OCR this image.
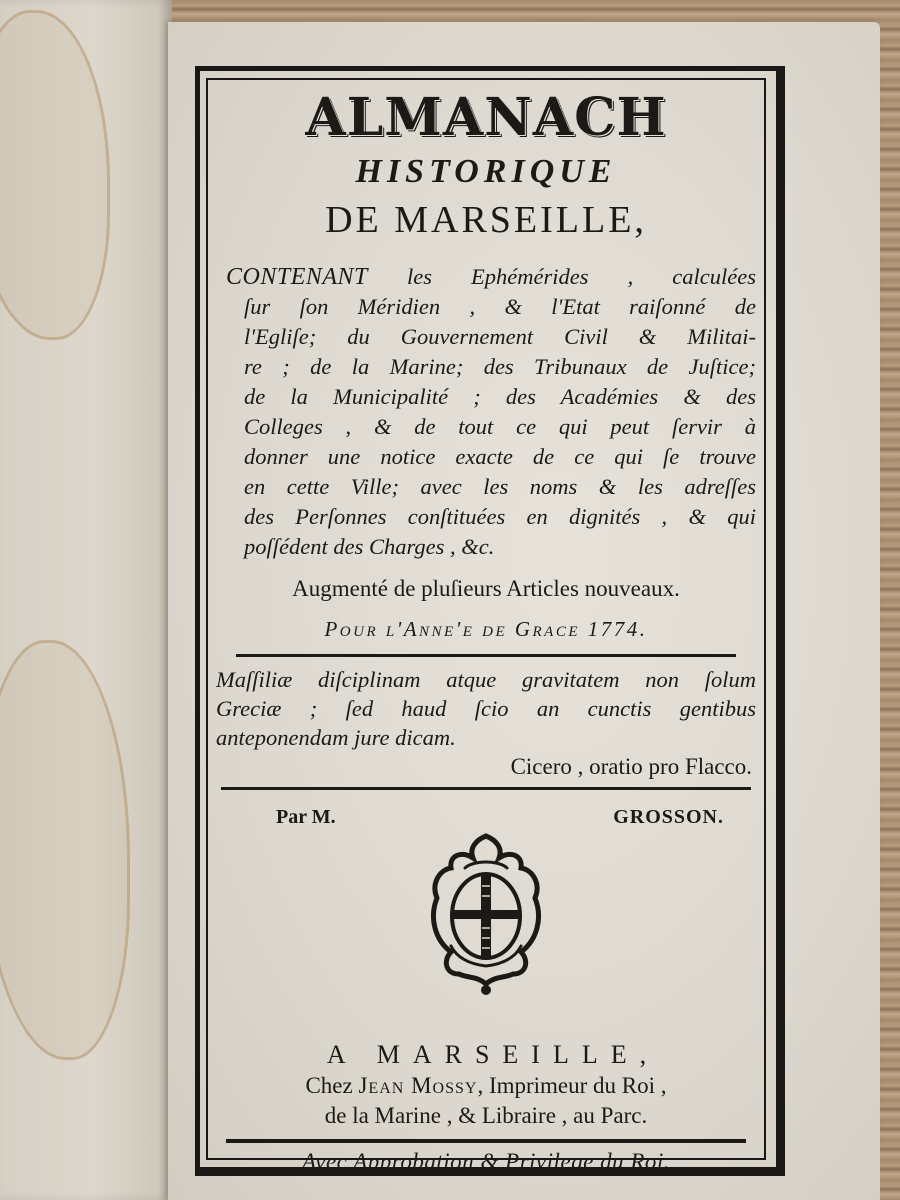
ALMANACH
HISTORIQUE
DE MARSEILLE,
CONTENANT les Ephémérides , calculées
ſur ſon Méridien , & l'Etat raiſonné de
l'Egliſe; du Gouvernement Civil & Militai-
re ; de la Marine; des Tribunaux de Juſtice;
de la Municipalité ; des Académies & des
Colleges , & de tout ce qui peut ſervir à
donner une notice exacte de ce qui ſe trouve
en cette Ville; avec les noms & les adreſſes
des Perſonnes conſtituées en dignités , & qui
poſſédent des Charges , &c.
Augmenté de pluſieurs Articles nouveaux.
Pour l'Anne'e de Grace 1774.
Maſſiliæ diſciplinam atque gravitatem non ſolum
Greciæ ; ſed haud ſcio an cunctis gentibus
anteponendam jure dicam.
Cicero , oratio pro Flacco.
Par M.	GROSSON.
A MARSEILLE,
Chez Jean Mossy, Imprimeur du Roi ,
de la Marine , & Libraire , au Parc.
Avec Approbation & Privilege du Roi.
